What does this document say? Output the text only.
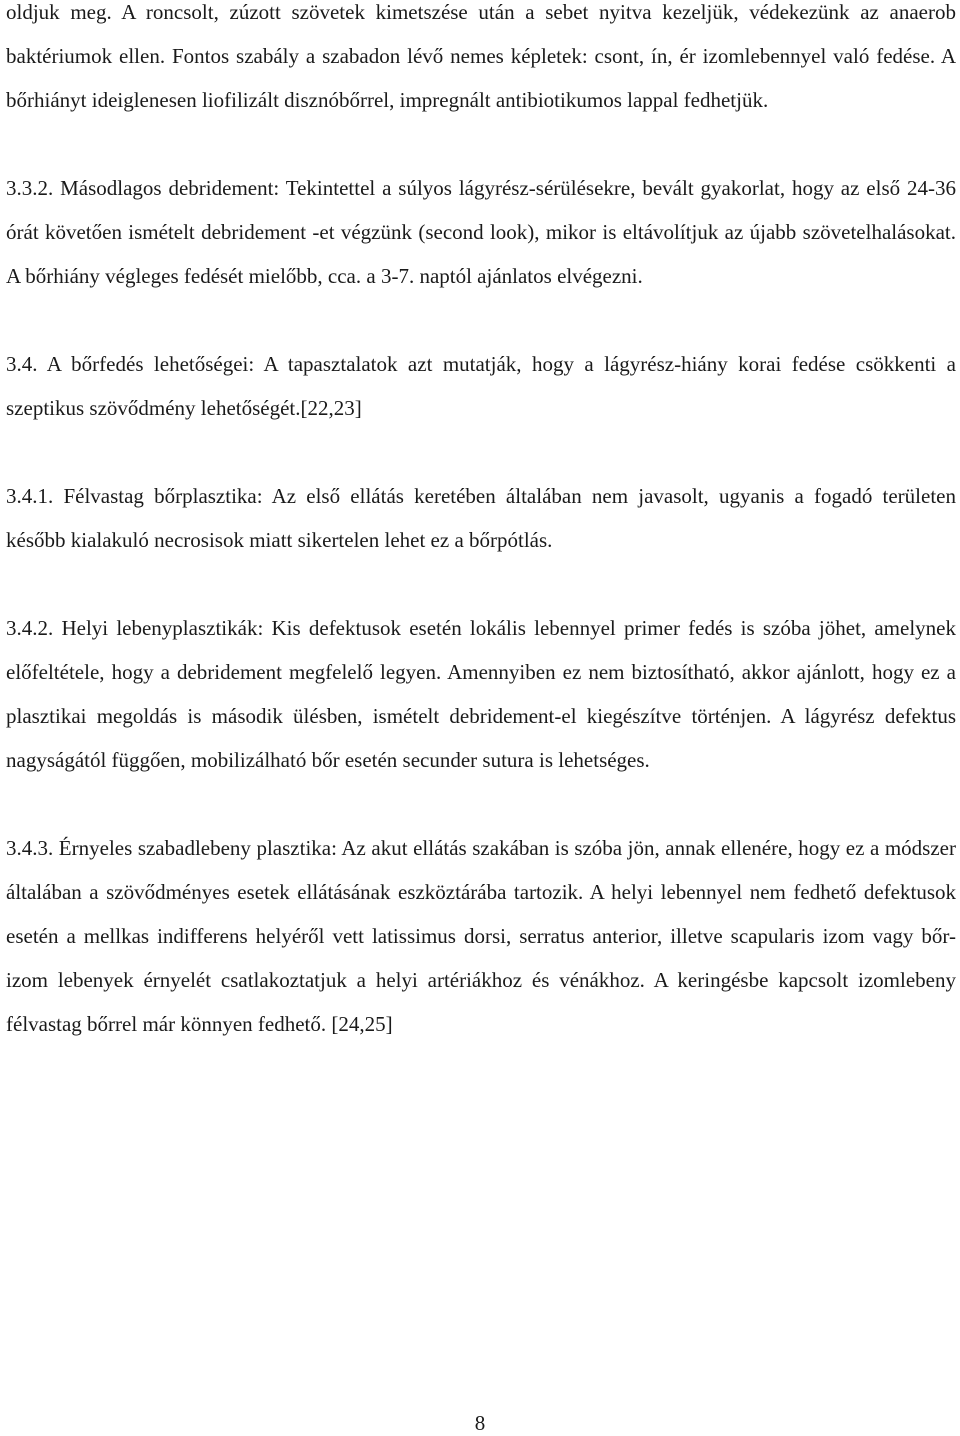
oldjuk meg. A roncsolt, zúzott szövetek kimetszése után a sebet nyitva kezeljük, védekezünk az anaerob baktériumok ellen. Fontos szabály a szabadon lévő nemes képletek: csont, ín, ér izomlebennyel való fedése. A bőrhiányt ideiglenesen liofilizált disznóbőrrel, impregnált antibiotikumos lappal fedhetjük.

3.3.2. Másodlagos debridement: Tekintettel a súlyos lágyrész-sérülésekre, bevált gyakorlat, hogy az első 24-36 órát követően ismételt debridement -et végzünk (second look), mikor is eltávolítjuk az újabb szövetelhalásokat. A bőrhiány végleges fedését mielőbb, cca. a 3-7. naptól ajánlatos elvégezni.

3.4. A bőrfedés lehetőségei: A tapasztalatok azt mutatják, hogy a lágyrész-hiány korai fedése csökkenti a szeptikus szövődmény lehetőségét.[22,23]

3.4.1. Félvastag bőrplasztika: Az első ellátás keretében általában nem javasolt, ugyanis a fogadó területen később kialakuló necrosisok miatt sikertelen lehet ez a bőrpótlás.

3.4.2. Helyi lebenyplasztikák: Kis defektusok esetén lokális lebennyel primer fedés is szóba jöhet, amelynek előfeltétele, hogy a debridement megfelelő legyen. Amennyiben ez nem biztosítható, akkor ajánlott, hogy ez a plasztikai megoldás is második ülésben, ismételt debridement-el kiegészítve történjen. A lágyrész defektus nagyságától függően, mobilizálható bőr esetén secunder sutura is lehetséges.

3.4.3. Érnyeles szabadlebeny plasztika: Az akut ellátás szakában is szóba jön, annak ellenére, hogy ez a módszer általában a szövődményes esetek ellátásának eszköztárába tartozik. A helyi lebennyel nem fedhető defektusok esetén a mellkas indifferens helyéről vett latissimus dorsi, serratus anterior, illetve scapularis izom vagy bőr-izom lebenyek érnyelét csatlakoztatjuk a helyi artériákhoz és vénákhoz. A keringésbe kapcsolt izomlebeny félvastag bőrrel már könnyen fedhető. [24,25]

8
